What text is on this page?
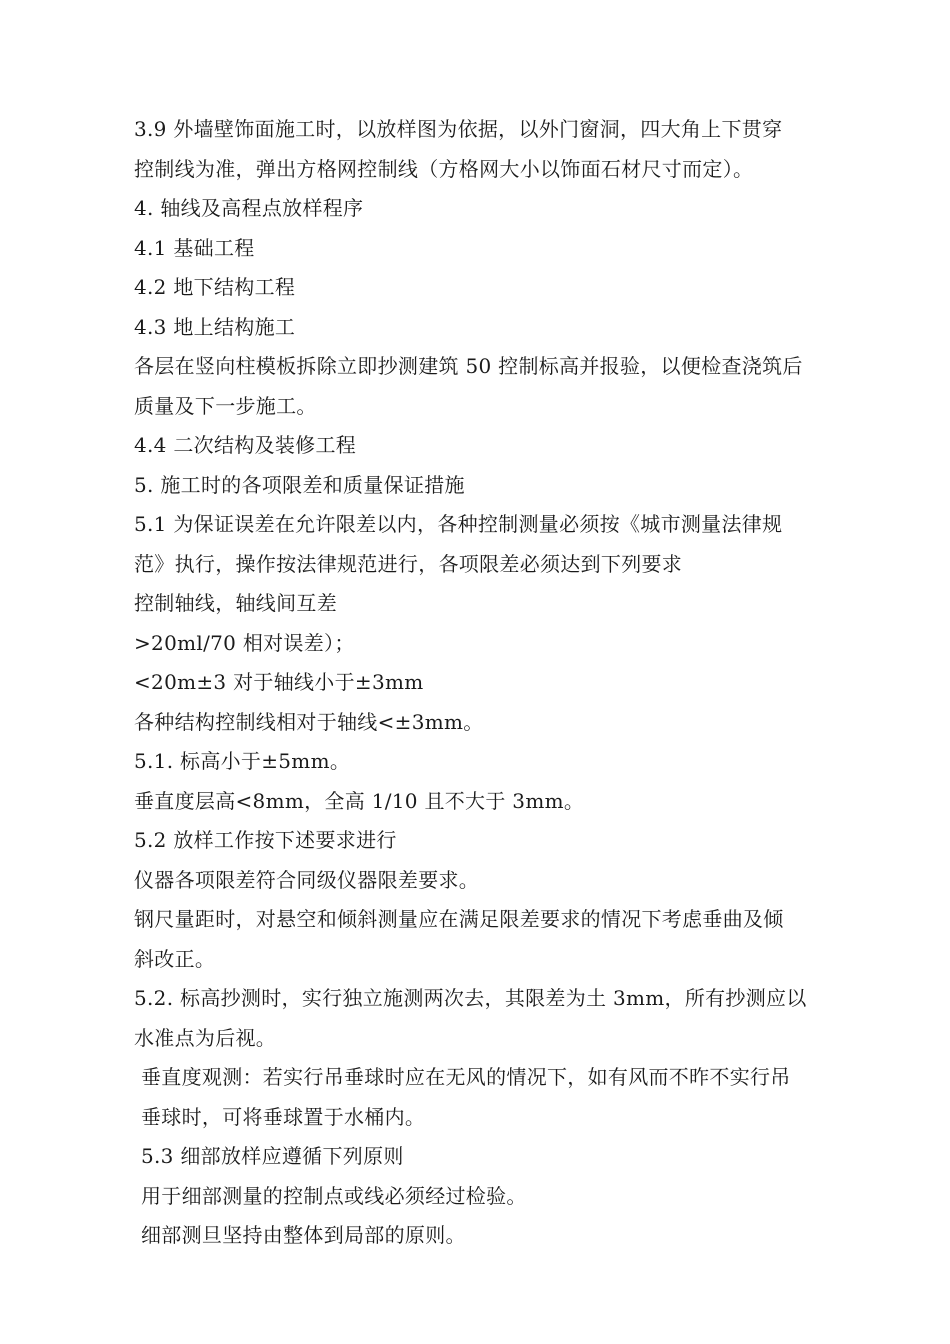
3.9 外墙壁饰面施工时，以放样图为依据，以外门窗洞，四大角上下贯穿
控制线为准，弹出方格网控制线（方格网大小以饰面石材尺寸而定）。
4. 轴线及高程点放样程序
4.1 基础工程
4.2 地下结构工程
4.3 地上结构施工
各层在竖向柱模板拆除立即抄测建筑 50 控制标高并报验，以便检查浇筑后
质量及下一步施工。
4.4 二次结构及装修工程
5. 施工时的各项限差和质量保证措施
5.1 为保证误差在允许限差以内，各种控制测量必须按《城市测量法律规
范》执行，操作按法律规范进行，各项限差必须达到下列要求
控制轴线，轴线间互差
>20ml/70 相对误差）；
<20m±3 对于轴线小于±3mm
各种结构控制线相对于轴线<±3mm。
5.1. 标高小于±5mm。
垂直度层高<8mm，全高 1/10 且不大于 3mm。
5.2 放样工作按下述要求进行
仪器各项限差符合同级仪器限差要求。
钢尺量距时，对悬空和倾斜测量应在满足限差要求的情况下考虑垂曲及倾
斜改正。
5.2. 标高抄测时，实行独立施测两次去，其限差为土 3mm，所有抄测应以
水准点为后视。
垂直度观测：若实行吊垂球时应在无风的情况下，如有风而不昨不实行吊
垂球时，可将垂球置于水桶内。
5.3 细部放样应遵循下列原则
用于细部测量的控制点或线必须经过检验。
细部测旦坚持由整体到局部的原则。
